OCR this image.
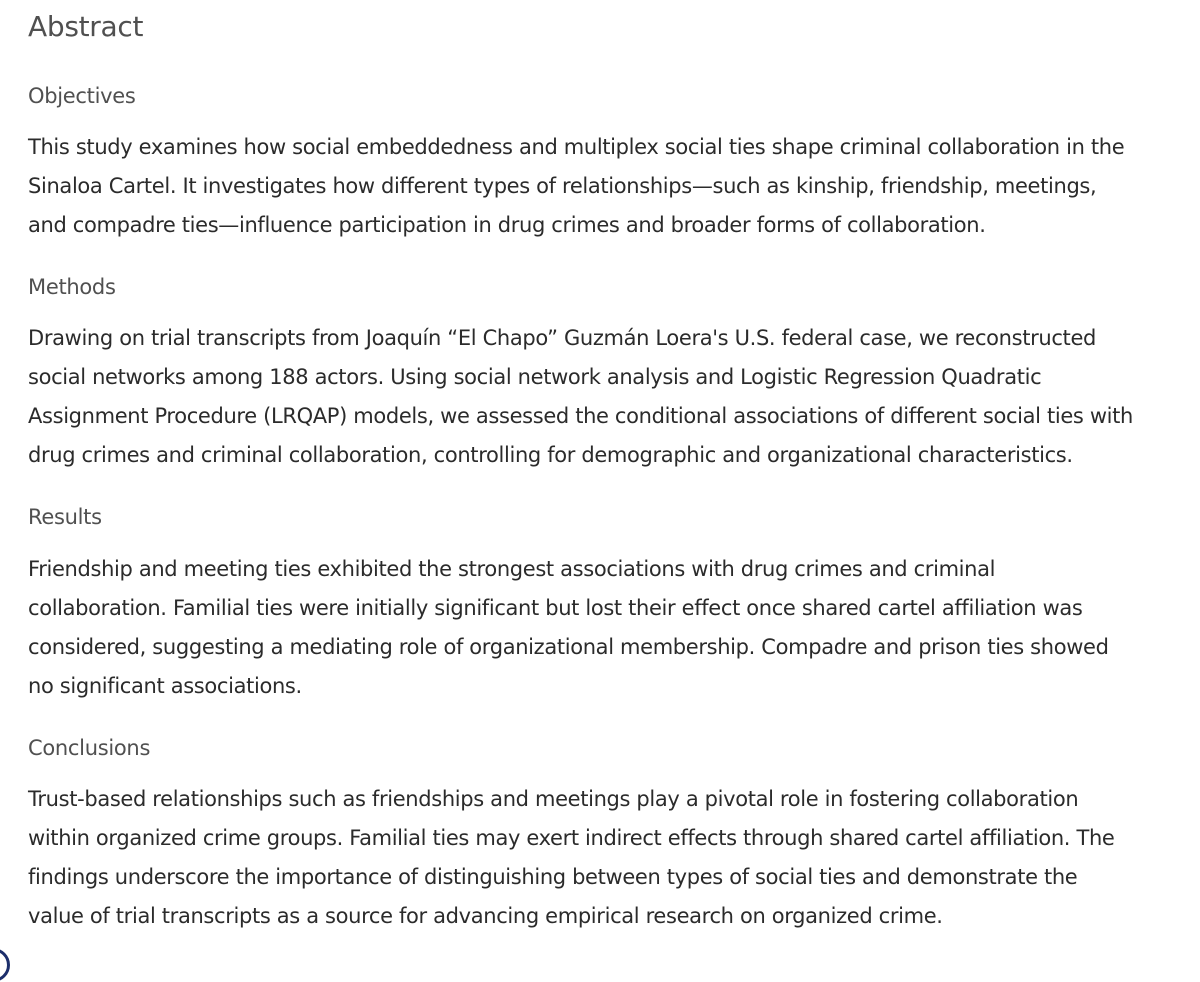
Abstract
Objectives

This study examines how social embeddedness and multiplex social ties shape criminal collaboration in the
Sinaloa Cartel. It investigates how different types of relationships—such as kinship, friendship, meetings,
and compadre ties—influence participation in drug crimes and broader forms of collaboration.

Methods

Drawing on trial transcripts from Joaquín “El Chapo” Guzmán Loera's U.S. federal case, we reconstructed
social networks among 188 actors. Using social network analysis and Logistic Regression Quadratic
Assignment Procedure (LRQAP) models, we assessed the conditional associations of different social ties with
drug crimes and criminal collaboration, controlling for demographic and organizational characteristics.

Results

Friendship and meeting ties exhibited the strongest associations with drug crimes and criminal
collaboration. Familial ties were initially significant but lost their effect once shared cartel affiliation was
considered, suggesting a mediating role of organizational membership. Compadre and prison ties showed
no significant associations.

Conclusions

Trust-based relationships such as friendships and meetings play a pivotal role in fostering collaboration
within organized crime groups. Familial ties may exert indirect effects through shared cartel affiliation. The
findings underscore the importance of distinguishing between types of social ties and demonstrate the
value of trial transcripts as a source for advancing empirical research on organized crime.
